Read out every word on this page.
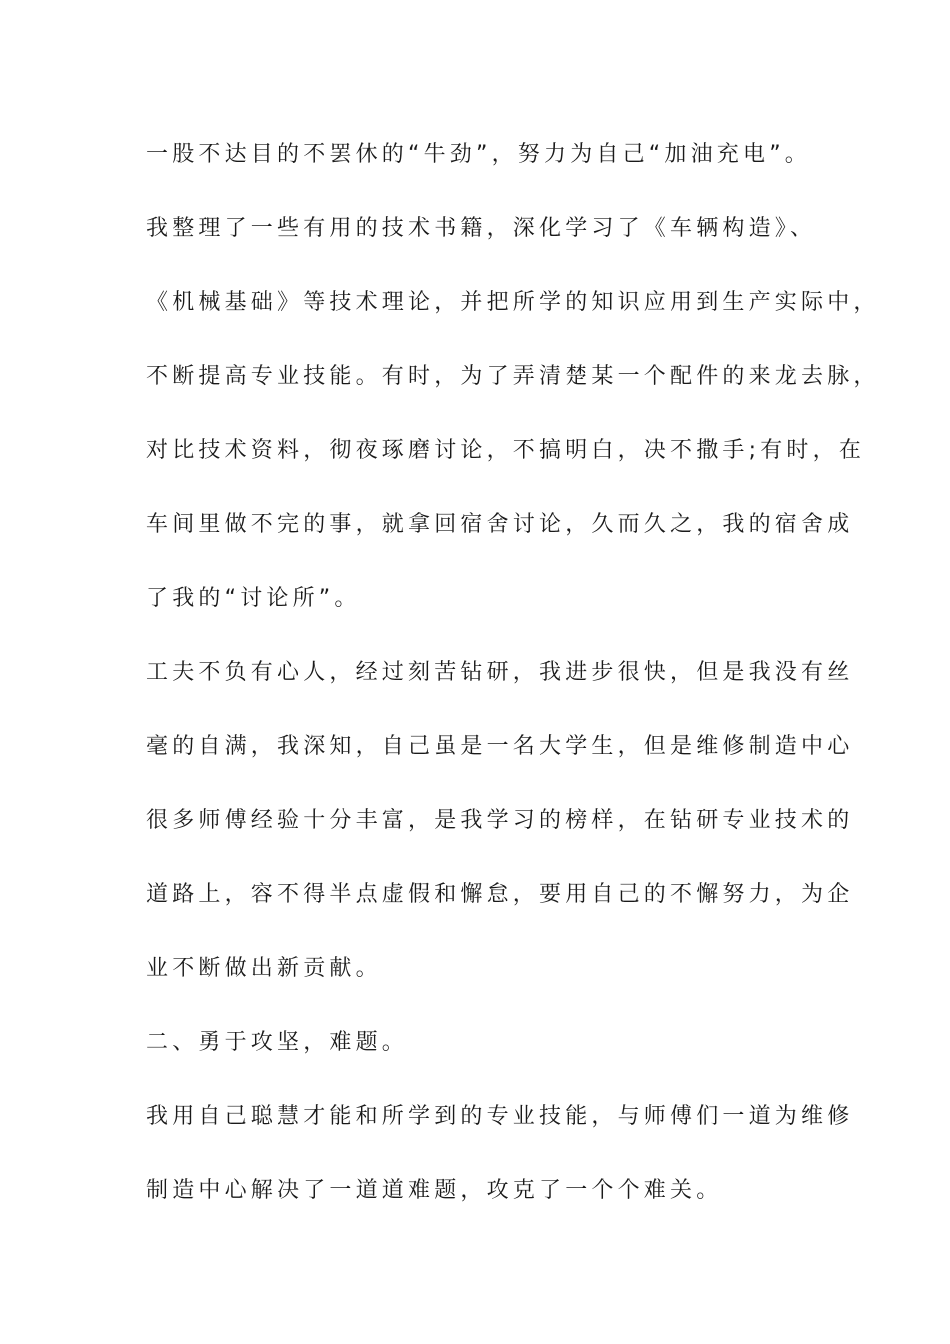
一股不达目的不罢休的“牛劲”，努力为自己“加油充电”。
我整理了一些有用的技术书籍，深化学习了《车辆构造》、
《机械基础》等技术理论，并把所学的知识应用到生产实际中，
不断提高专业技能。有时，为了弄清楚某一个配件的来龙去脉，
对比技术资料，彻夜琢磨讨论，不搞明白，决不撒手;有时，在
车间里做不完的事，就拿回宿舍讨论，久而久之，我的宿舍成
了我的“讨论所”。
工夫不负有心人，经过刻苦钻研，我进步很快，但是我没有丝
毫的自满，我深知，自己虽是一名大学生，但是维修制造中心
很多师傅经验十分丰富，是我学习的榜样，在钻研专业技术的
道路上，容不得半点虚假和懈怠，要用自己的不懈努力，为企
业不断做出新贡献。
二、勇于攻坚，难题。
我用自己聪慧才能和所学到的专业技能，与师傅们一道为维修
制造中心解决了一道道难题，攻克了一个个难关。
